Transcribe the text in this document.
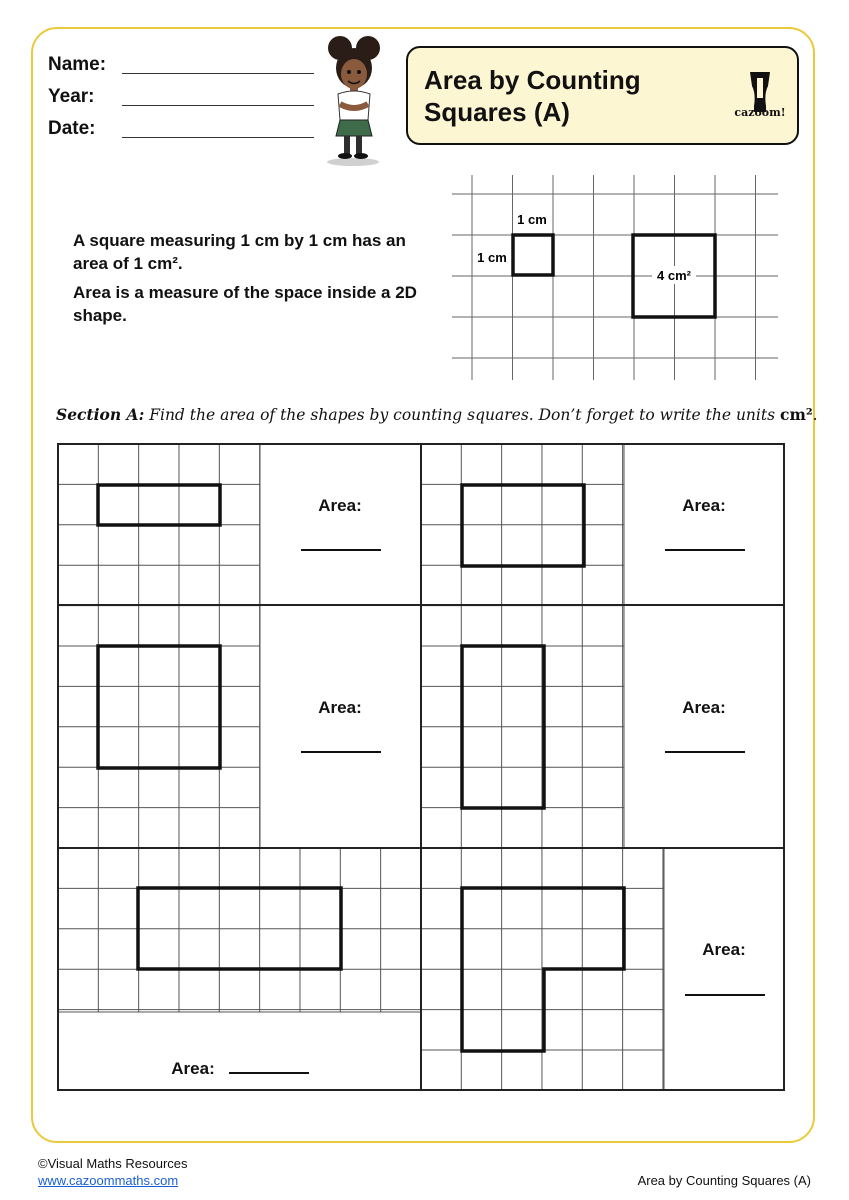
Name:
Year:
Date:
Area by Counting Squares (A)	cazoom!
A square measuring 1 cm by 1 cm has an area of 1 cm².
Area is a measure of the space inside a 2D shape.
1 cm
1 cm
4 cm²
Section A: Find the area of the shapes by counting squares. Don’t forget to write the units cm².
Area:	Area:
Area:	Area:
Area:
Area:
©Visual Maths Resources
www.cazoommaths.com	Area by Counting Squares (A)
